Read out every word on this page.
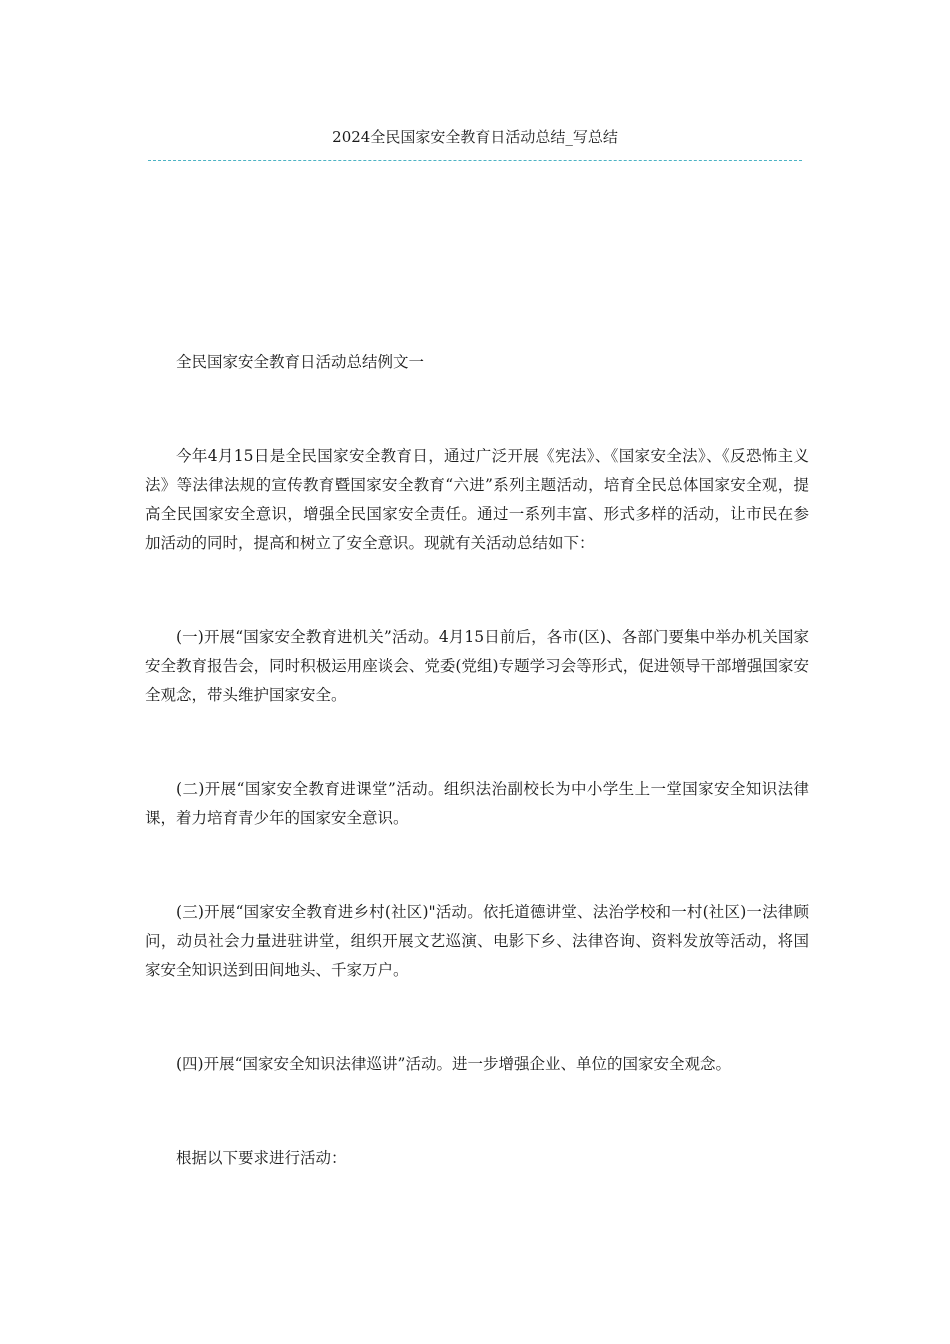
2024全民国家安全教育日活动总结_写总结

全民国家安全教育日活动总结例文一

今年4月15日是全民国家安全教育日，通过广泛开展《宪法》、《国家安全法》、《反恐怖主义法》等法律法规的宣传教育暨国家安全教育“六进”系列主题活动，培育全民总体国家安全观，提高全民国家安全意识，增强全民国家安全责任。通过一系列丰富、形式多样的活动，让市民在参加活动的同时，提高和树立了安全意识。现就有关活动总结如下：

(一)开展“国家安全教育进机关”活动。4月15日前后，各市(区)、各部门要集中举办机关国家安全教育报告会，同时积极运用座谈会、党委(党组)专题学习会等形式，促进领导干部增强国家安全观念，带头维护国家安全。

(二)开展“国家安全教育进课堂”活动。组织法治副校长为中小学生上一堂国家安全知识法律课，着力培育青少年的国家安全意识。

(三)开展“国家安全教育进乡村(社区)"活动。依托道德讲堂、法治学校和一村(社区)一法律顾问，动员社会力量进驻讲堂，组织开展文艺巡演、电影下乡、法律咨询、资料发放等活动，将国家安全知识送到田间地头、千家万户。

(四)开展“国家安全知识法律巡讲”活动。进一步增强企业、单位的国家安全观念。

根据以下要求进行活动：
